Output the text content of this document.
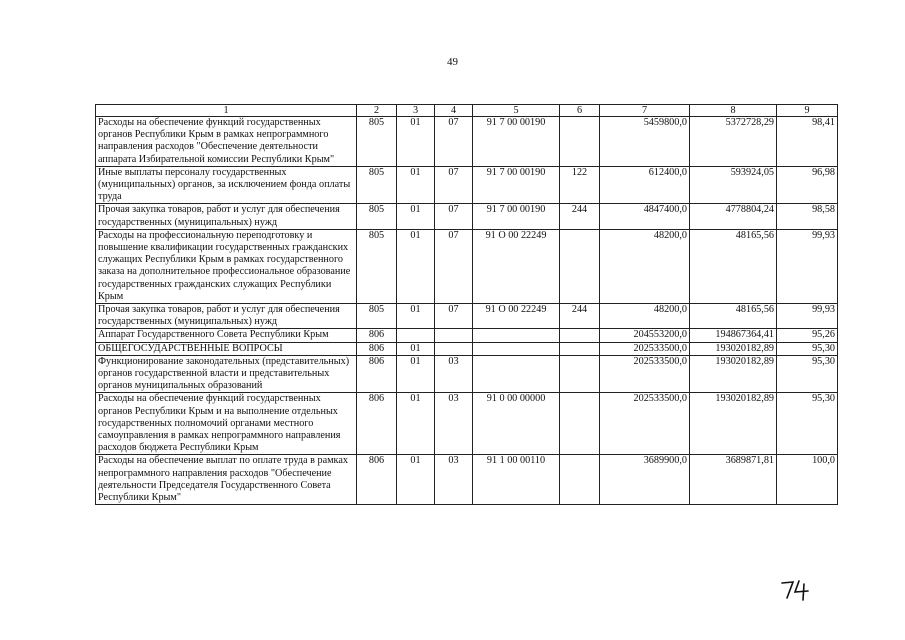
49
1	2	3	4	5	6	7	8	9
Расходы на обеспечение функций государственных органов Республики Крым в рамках непрограммного направления расходов "Обеспечение деятельности аппарата Избирательной комиссии Республики Крым"	805	01	07	91 7 00 00190		5459800,0	5372728,29	98,41
Иные выплаты персоналу государственных (муниципальных) органов, за исключением фонда оплаты труда	805	01	07	91 7 00 00190	122	612400,0	593924,05	96,98
Прочая закупка товаров, работ и услуг для обеспечения государственных (муниципальных) нужд	805	01	07	91 7 00 00190	244	4847400,0	4778804,24	98,58
Расходы на профессиональную переподготовку и повышение квалификации государственных гражданских служащих Республики Крым в рамках государственного заказа на дополнительное профессиональное образование государственных гражданских служащих Республики Крым	805	01	07	91 О 00 22249		48200,0	48165,56	99,93
Прочая закупка товаров, работ и услуг для обеспечения государственных (муниципальных) нужд	805	01	07	91 О 00 22249	244	48200,0	48165,56	99,93
Аппарат Государственного Совета Республики Крым	806					204553200,0	194867364,41	95,26
ОБЩЕГОСУДАРСТВЕННЫЕ ВОПРОСЫ	806	01				202533500,0	193020182,89	95,30
Функционирование законодательных (представительных) органов государственной власти и представительных органов муниципальных образований	806	01	03			202533500,0	193020182,89	95,30
Расходы на обеспечение функций государственных органов Республики Крым и на выполнение отдельных государственных полномочий органами местного самоуправления в рамках непрограммного направления расходов бюджета Республики Крым	806	01	03	91 0 00 00000		202533500,0	193020182,89	95,30
Расходы на обеспечение выплат по оплате труда в рамках непрограммного направления расходов "Обеспечение деятельности Председателя Государственного Совета Республики Крым"	806	01	03	91 1 00 00110		3689900,0	3689871,81	100,0
